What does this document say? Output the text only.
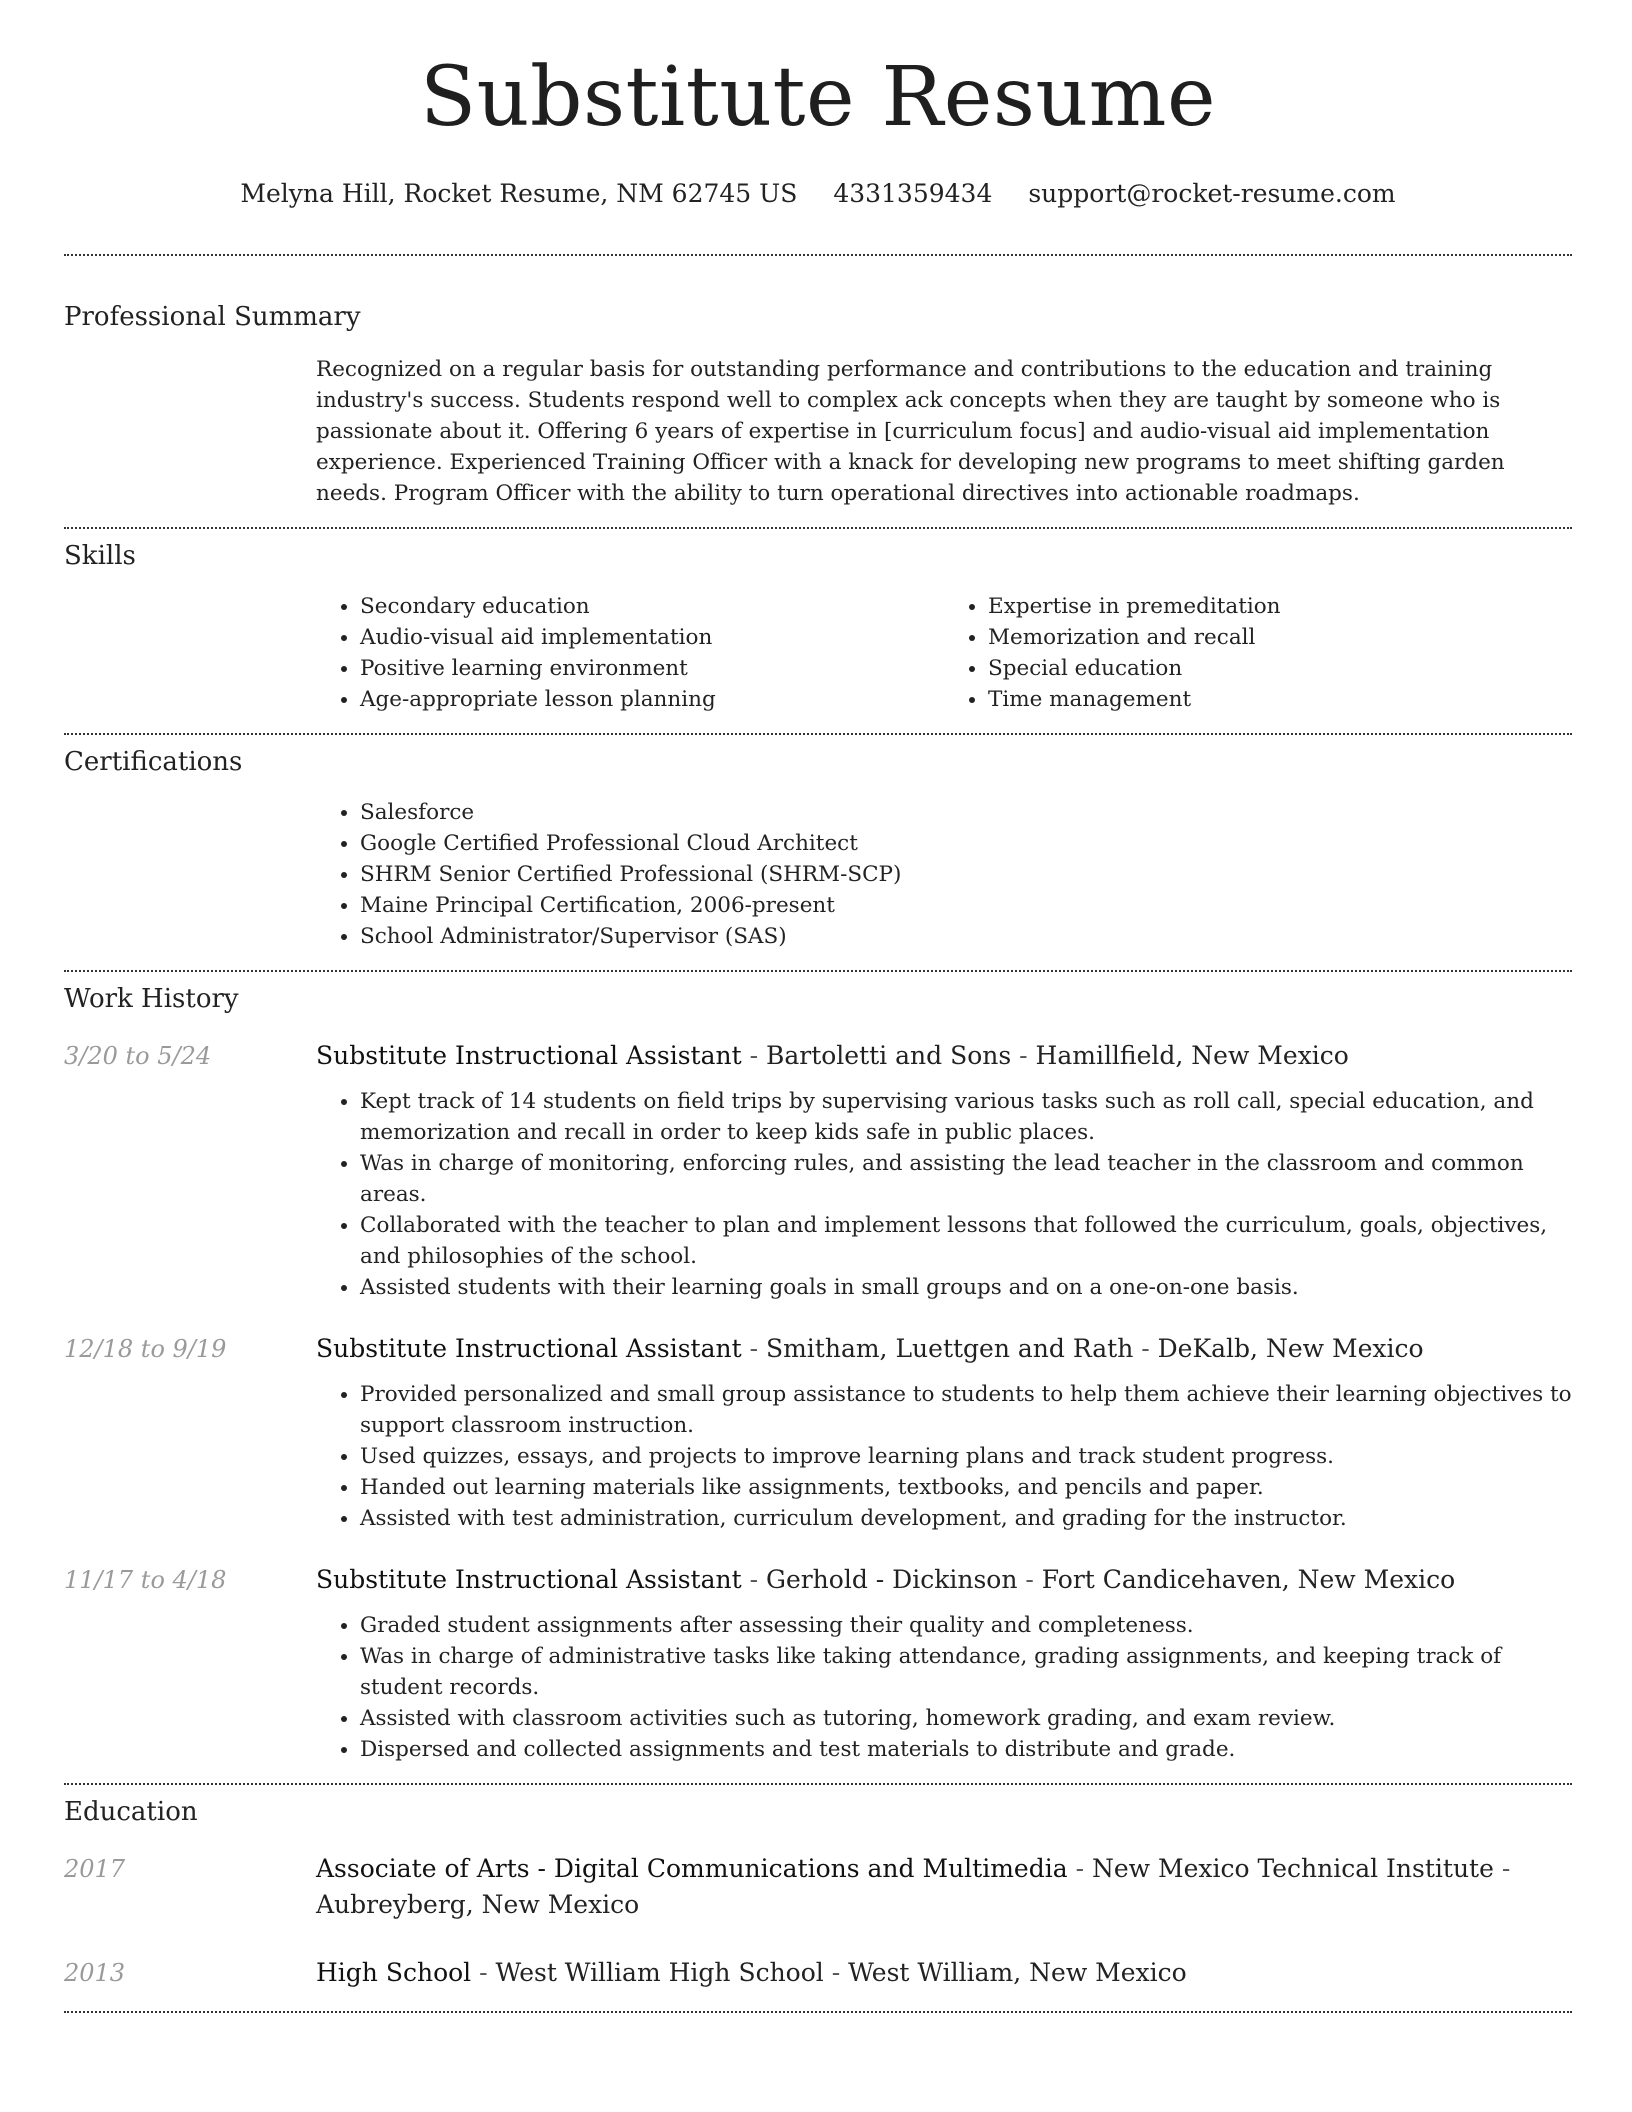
Substitute Resume
Melyna Hill, Rocket Resume, NM 62745 US 4331359434 support@rocket-resume.com
Professional Summary

Recognized on a regular basis for outstanding performance and contributions to the education and training industry's success. Students respond well to complex ack concepts when they are taught by someone who is passionate about it. Offering 6 years of expertise in [curriculum focus] and audio-visual aid implementation experience. Experienced Training Officer with a knack for developing new programs to meet shifting garden needs. Program Officer with the ability to turn operational directives into actionable roadmaps.

Skills
• Secondary education
• Audio-visual aid implementation
• Positive learning environment
• Age-appropriate lesson planning
• Expertise in premeditation
• Memorization and recall
• Special education
• Time management
Certifications
• Salesforce
• Google Certified Professional Cloud Architect
• SHRM Senior Certified Professional (SHRM-SCP)
• Maine Principal Certification, 2006-present
• School Administrator/Supervisor (SAS)
Work History
3/20 to 5/24	Substitute Instructional Assistant - Bartoletti and Sons - Hamillfield, New Mexico
• Kept track of 14 students on field trips by supervising various tasks such as roll call, special education, and memorization and recall in order to keep kids safe in public places.
• Was in charge of monitoring, enforcing rules, and assisting the lead teacher in the classroom and common areas.
• Collaborated with the teacher to plan and implement lessons that followed the curriculum, goals, objectives, and philosophies of the school.
• Assisted students with their learning goals in small groups and on a one-on-one basis.
12/18 to 9/19	Substitute Instructional Assistant - Smitham, Luettgen and Rath - DeKalb, New Mexico
• Provided personalized and small group assistance to students to help them achieve their learning objectives to support classroom instruction.
• Used quizzes, essays, and projects to improve learning plans and track student progress.
• Handed out learning materials like assignments, textbooks, and pencils and paper.
• Assisted with test administration, curriculum development, and grading for the instructor.
11/17 to 4/18	Substitute Instructional Assistant - Gerhold - Dickinson - Fort Candicehaven, New Mexico
• Graded student assignments after assessing their quality and completeness.
• Was in charge of administrative tasks like taking attendance, grading assignments, and keeping track of student records.
• Assisted with classroom activities such as tutoring, homework grading, and exam review.
• Dispersed and collected assignments and test materials to distribute and grade.
Education
2017	Associate of Arts - Digital Communications and Multimedia - New Mexico Technical Institute - Aubreyberg, New Mexico
2013	High School - West William High School - West William, New Mexico
